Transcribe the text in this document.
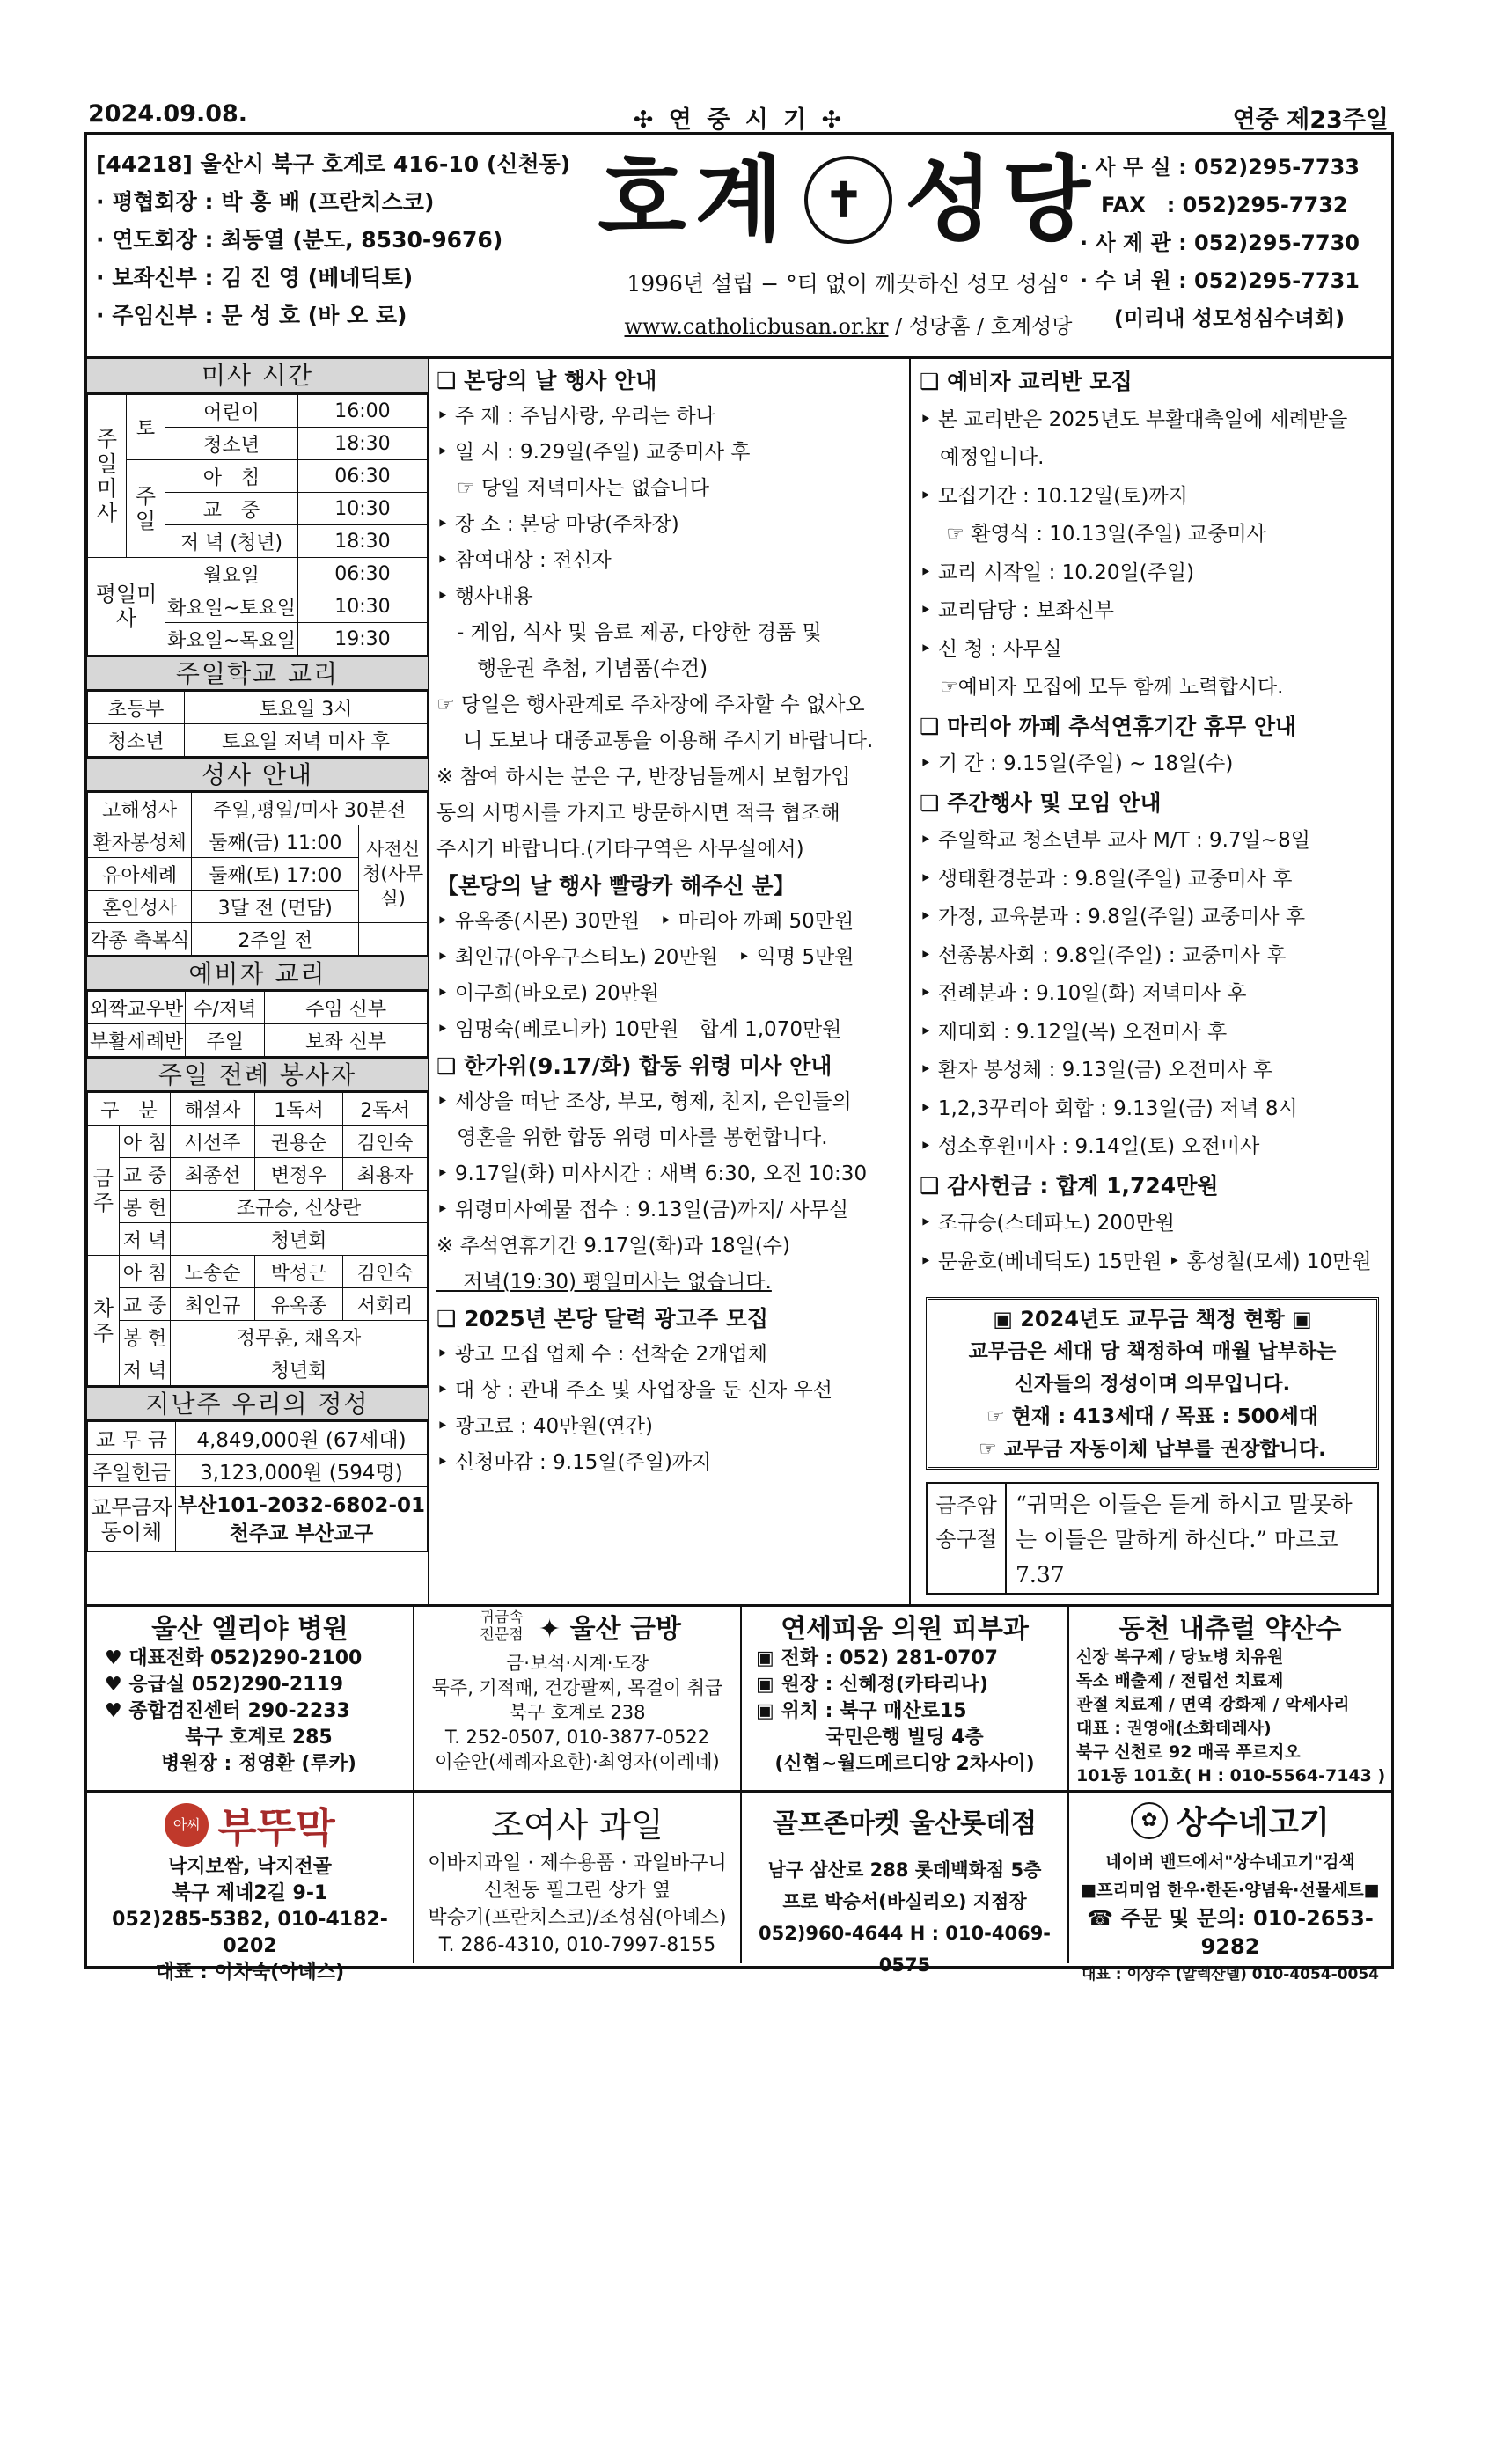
2024.09.08.	✣ 연 중 시 기 ✣	연중 제23주일
[44218] 울산시 북구 호계로 416-10 (신천동)
· 평협회장 : 박 홍 배 (프란치스코)
· 연도회장 : 최동열 (분도, 8530-9676)
· 보좌신부 : 김 진 영 (베네딕토)
· 주임신부 : 문 성 호 (바 오 로)
호계 ✝ 성당
1996년 설립 − °티 없이 깨끗하신 성모 성심°
www.catholicbusan.or.kr / 성당홈 / 호계성당
· 사 무 실 : 052)295-7733
　FAX　: 052)295-7732
· 사 제 관 : 052)295-7730
· 수 녀 원 : 052)295-7731
(미리내 성모성심수녀회)
미사 시간
주일미사	토	어린이	16:00
		청소년	18:30
	주일	아　침	06:30
		교　중	10:30
		저 녁 (청년)	18:30
평일미사		월요일	06:30
		화요일~토요일	10:30
		화요일~목요일	19:30
주일학교 교리
초등부	토요일 3시
청소년	토요일 저녁 미사 후
성사 안내
고해성사	주일,평일/미사 30분전	
환자봉성체	둘째(금) 11:00	사전신청(사무실)
유아세례	둘째(토) 17:00	
혼인성사	3달 전 (면담)	
각종 축복식	2주일 전	
예비자 교리
외짝교우반	수/저녁	주임 신부
부활세례반	주일	보좌 신부
주일 전례 봉사자
구　분		해설자	1독서	2독서
금주	아 침	서선주	권용순	김인숙
	교 중	최종선	변정우	최용자
	봉 헌	조규승, 신상란		
	저 녁	청년회		
차주	아 침	노송순	박성근	김인숙
	교 중	최인규	유옥종	서회리
	봉 헌	정무훈, 채옥자		
	저 녁	청년회		
지난주 우리의 정성
교 무 금	4,849,000원 (67세대)
주일헌금	3,123,000원 (594명)
교무금자동이체	부산101-2032-6802-01
천주교 부산교구
❑ 본당의 날 행사 안내
‣ 주 제 : 주님사랑, 우리는 하나
‣ 일 시 : 9.29일(주일) 교중미사 후
　☞ 당일 저녁미사는 없습니다
‣ 장 소 : 본당 마당(주차장)
‣ 참여대상 : 전신자
‣ 행사내용
　- 게임, 식사 및 음료 제공, 다양한 경품 및
　　행운권 추첨, 기념품(수건)
☞ 당일은 행사관계로 주차장에 주차할 수 없사오
　 니 도보나 대중교통을 이용해 주시기 바랍니다.
※ 참여 하시는 분은 구, 반장님들께서 보험가입
동의 서명서를 가지고 방문하시면 적극 협조해
주시기 바랍니다.(기타구역은 사무실에서)
【본당의 날 행사 빨랑카 해주신 분】
‣ 유옥종(시몬) 30만원　‣ 마리아 까페 50만원
‣ 최인규(아우구스티노) 20만원　‣ 익명 5만원
‣ 이구희(바오로) 20만원
‣ 임명숙(베로니카) 10만원　합계 1,070만원
❑ 한가위(9.17/화) 합동 위령 미사 안내
‣ 세상을 떠난 조상, 부모, 형제, 친지, 은인들의
　영혼을 위한 합동 위령 미사를 봉헌합니다.
‣ 9.17일(화) 미사시간 : 새벽 6:30, 오전 10:30
‣ 위령미사예물 접수 : 9.13일(금)까지/ 사무실
※ 추석연휴기간 9.17일(화)과 18일(수)
　 저녁(19:30) 평일미사는 없습니다.
❑ 2025년 본당 달력 광고주 모집
‣ 광고 모집 업체 수 : 선착순 2개업체
‣ 대 상 : 관내 주소 및 사업장을 둔 신자 우선
‣ 광고료 : 40만원(연간)
‣ 신청마감 : 9.15일(주일)까지
❑ 예비자 교리반 모집
‣ 본 교리반은 2025년도 부활대축일에 세례받을
　예정입니다.
‣ 모집기간 : 10.12일(토)까지
　 ☞ 환영식 : 10.13일(주일) 교중미사
‣ 교리 시작일 : 10.20일(주일)
‣ 교리담당 : 보좌신부
‣ 신 청 : 사무실
　☞예비자 모집에 모두 함께 노력합시다.
❑ 마리아 까페 추석연휴기간 휴무 안내
‣ 기 간 : 9.15일(주일) ~ 18일(수)
❑ 주간행사 및 모임 안내
‣ 주일학교 청소년부 교사 M/T : 9.7일~8일
‣ 생태환경분과 : 9.8일(주일) 교중미사 후
‣ 가정, 교육분과 : 9.8일(주일) 교중미사 후
‣ 선종봉사회 : 9.8일(주일) : 교중미사 후
‣ 전례분과 : 9.10일(화) 저녁미사 후
‣ 제대회 : 9.12일(목) 오전미사 후
‣ 환자 봉성체 : 9.13일(금) 오전미사 후
‣ 1,2,3꾸리아 회합 : 9.13일(금) 저녁 8시
‣ 성소후원미사 : 9.14일(토) 오전미사
❑ 감사헌금 : 합계 1,724만원
‣ 조규승(스테파노) 200만원
‣ 문윤호(베네딕도) 15만원 ‣ 홍성철(모세) 10만원
▣ 2024년도 교무금 책정 현황 ▣
교무금은 세대 당 책정하여 매월 납부하는
신자들의 정성이며 의무입니다.
☞ 현재 : 413세대 / 목표 : 500세대
☞ 교무금 자동이체 납부를 권장합니다.
금주암송구절
“귀먹은 이들은 듣게 하시고 말못하는 이들은 말하게 하신다.” 마르코 7.37
울산 엘리야 병원
♥ 대표전화 052)290-2100
♥ 응급실 052)290-2119
♥ 종합검진센터 290-2233
북구 호계로 285
병원장 : 정영환 (루카)
귀금속 전문점 ✦ 울산 금방
금·보석·시계·도장
묵주, 기적패, 건강팔찌, 목걸이 취급
북구 호계로 238
T. 252-0507, 010-3877-0522
이순안(세례자요한)·최영자(이레네)
연세피움 의원 피부과
▣ 전화 : 052) 281-0707
▣ 원장 : 신혜정(카타리나)
▣ 위치 : 북구 매산로15
국민은행 빌딩 4층
(신협~월드메르디앙 2차사이)
동천 내츄럴 약산수
신장 복구제 / 당뇨병 치유원
독소 배출제 / 전립선 치료제
관절 치료제 / 면역 강화제 / 악세사리
대표 : 권영애(소화데레사)
북구 신천로 92 매곡 푸르지오
101동 101호( H : 010-5564-7143 )
아씨 부뚜막
낙지보쌈, 낙지전골
북구 제네2길 9-1
052)285-5382, 010-4182-0202
대표 : 이차숙(아녜스)
조여사 과일
이바지과일 · 제수용품 · 과일바구니
신천동 필그린 상가 옆
박승기(프란치스코)/조성심(아녜스)
T. 286-4310, 010-7997-8155
골프존마켓 울산롯데점
남구 삼산로 288 롯데백화점 5층
프로 박승서(바실리오) 지점장
052)960-4644 H : 010-4069-0575
✿ 상수네고기
네이버 밴드에서"상수네고기"검색
■프리미엄 한우·한돈·양념육·선물세트■
☎ 주문 및 문의: 010-2653-9282
대표 : 이상수 (알렉산델) 010-4054-0054
